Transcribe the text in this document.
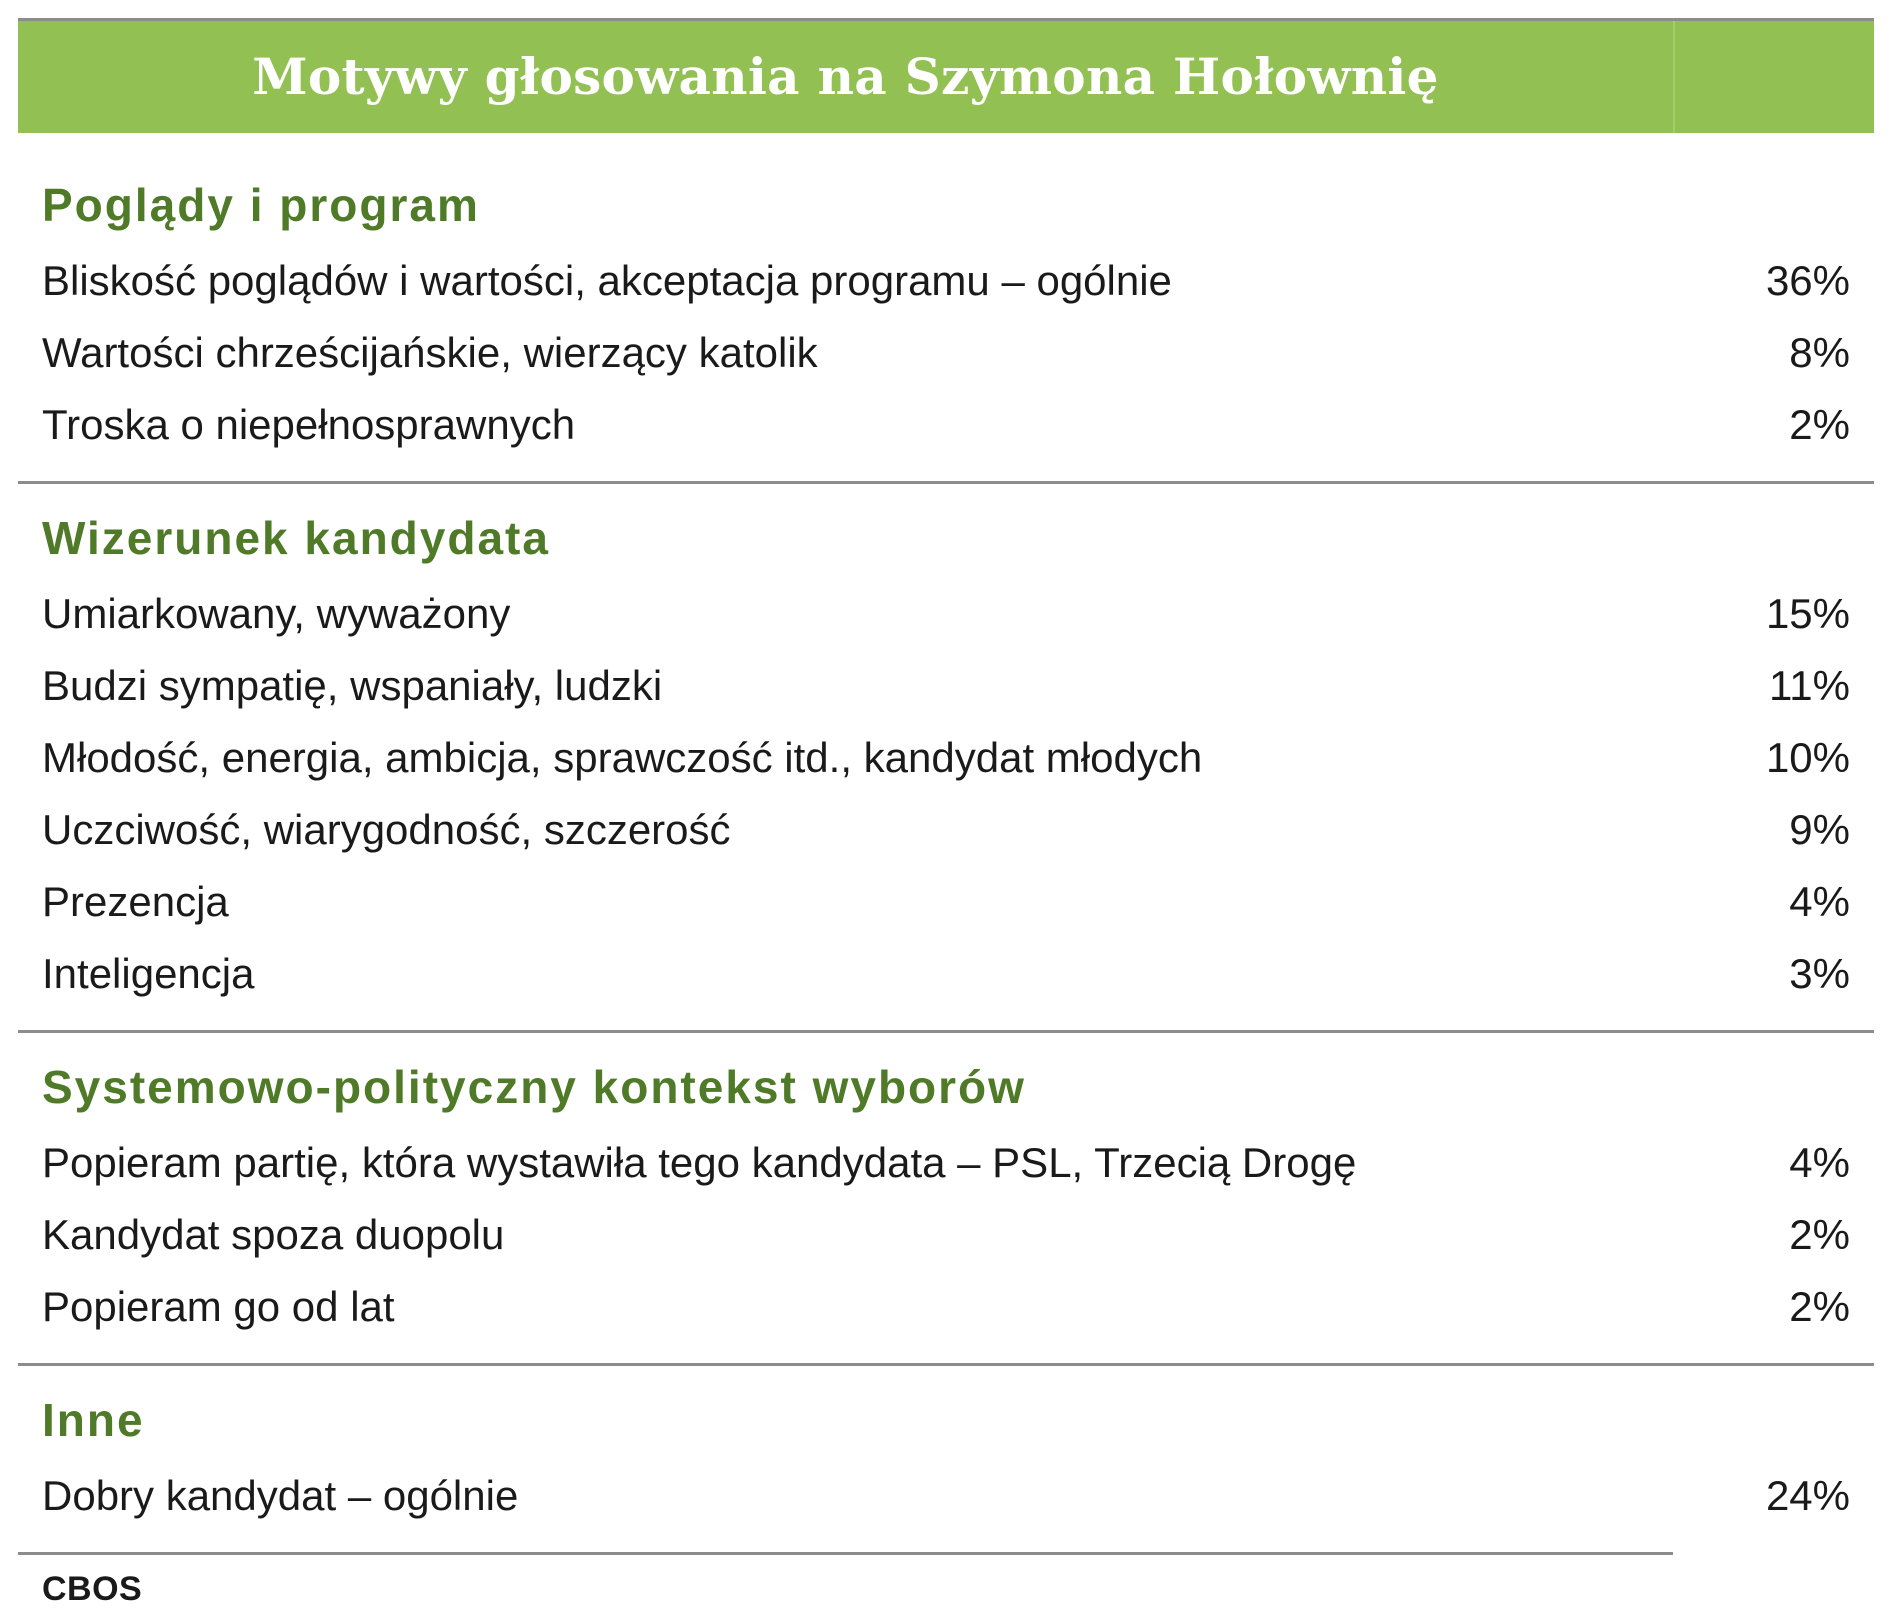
Motywy głosowania na Szymona Hołownię
Poglądy i program
Bliskość poglądów i wartości, akceptacja programu – ogólnie	36%
Wartości chrześcijańskie, wierzący katolik	8%
Troska o niepełnosprawnych	2%
Wizerunek kandydata
Umiarkowany, wyważony	15%
Budzi sympatię, wspaniały, ludzki	11%
Młodość, energia, ambicja, sprawczość itd., kandydat młodych	10%
Uczciwość, wiarygodność, szczerość	9%
Prezencja	4%
Inteligencja	3%
Systemowo-polityczny kontekst wyborów
Popieram partię, która wystawiła tego kandydata – PSL, Trzecią Drogę	4%
Kandydat spoza duopolu	2%
Popieram go od lat	2%
Inne
Dobry kandydat – ogólnie	24%
CBOS
